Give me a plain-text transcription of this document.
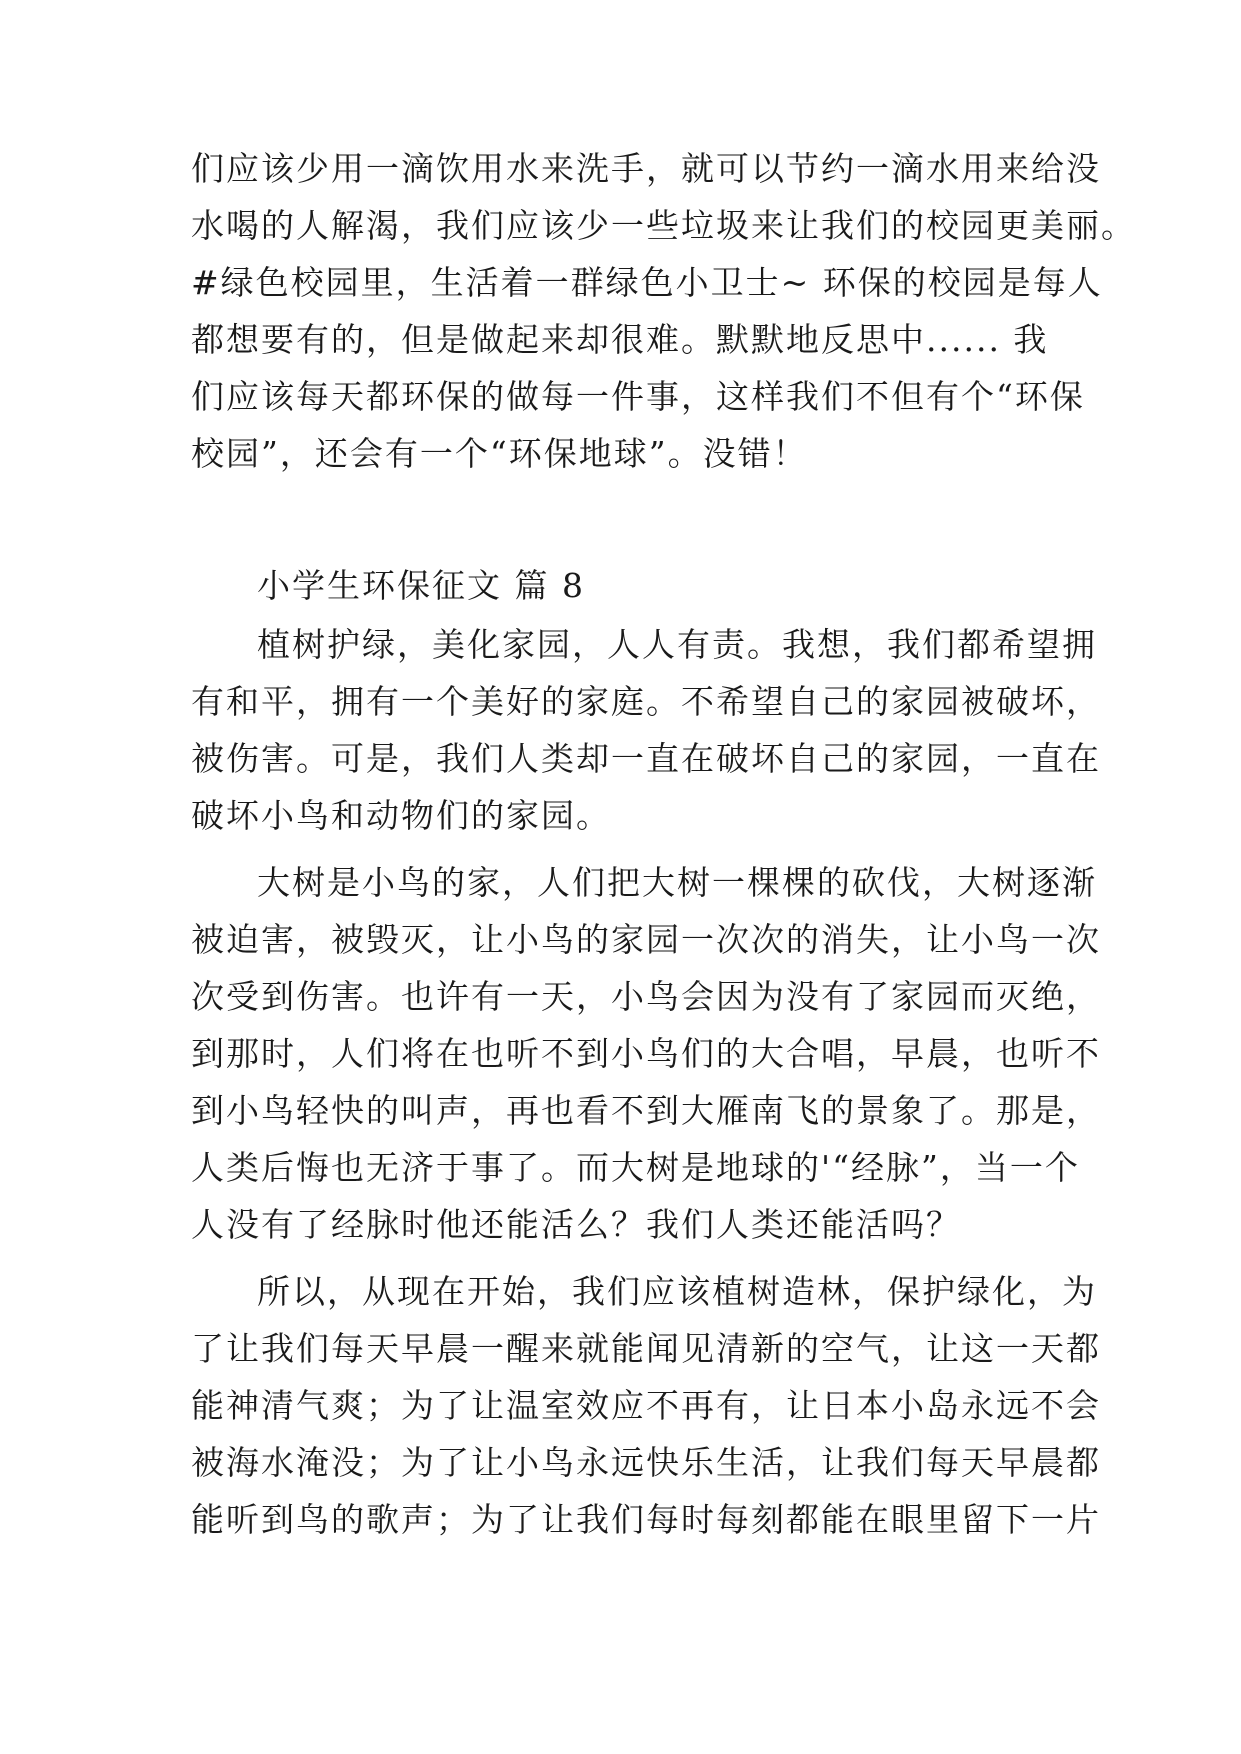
们应该少用一滴饮用水来洗手，就可以节约一滴水用来给没
水喝的人解渴，我们应该少一些垃圾来让我们的校园更美丽。
#绿色校园里，生活着一群绿色小卫士~ 环保的校园是每人
都想要有的，但是做起来却很难。默默地反思中...... 我
们应该每天都环保的做每一件事，这样我们不但有个“环保
校园”，还会有一个“环保地球”。没错！
小学生环保征文 篇 8
植树护绿，美化家园，人人有责。我想，我们都希望拥
有和平，拥有一个美好的家庭。不希望自己的家园被破坏，
被伤害。可是，我们人类却一直在破坏自己的家园，一直在
破坏小鸟和动物们的家园。
大树是小鸟的家，人们把大树一棵棵的砍伐，大树逐渐
被迫害，被毁灭，让小鸟的家园一次次的消失，让小鸟一次
次受到伤害。也许有一天，小鸟会因为没有了家园而灭绝，
到那时，人们将在也听不到小鸟们的大合唱，早晨，也听不
到小鸟轻快的叫声，再也看不到大雁南飞的景象了。那是，
人类后悔也无济于事了。而大树是地球的'“经脉”，当一个
人没有了经脉时他还能活么？我们人类还能活吗？
所以，从现在开始，我们应该植树造林，保护绿化，为
了让我们每天早晨一醒来就能闻见清新的空气，让这一天都
能神清气爽；为了让温室效应不再有，让日本小岛永远不会
被海水淹没；为了让小鸟永远快乐生活，让我们每天早晨都
能听到鸟的歌声；为了让我们每时每刻都能在眼里留下一片
